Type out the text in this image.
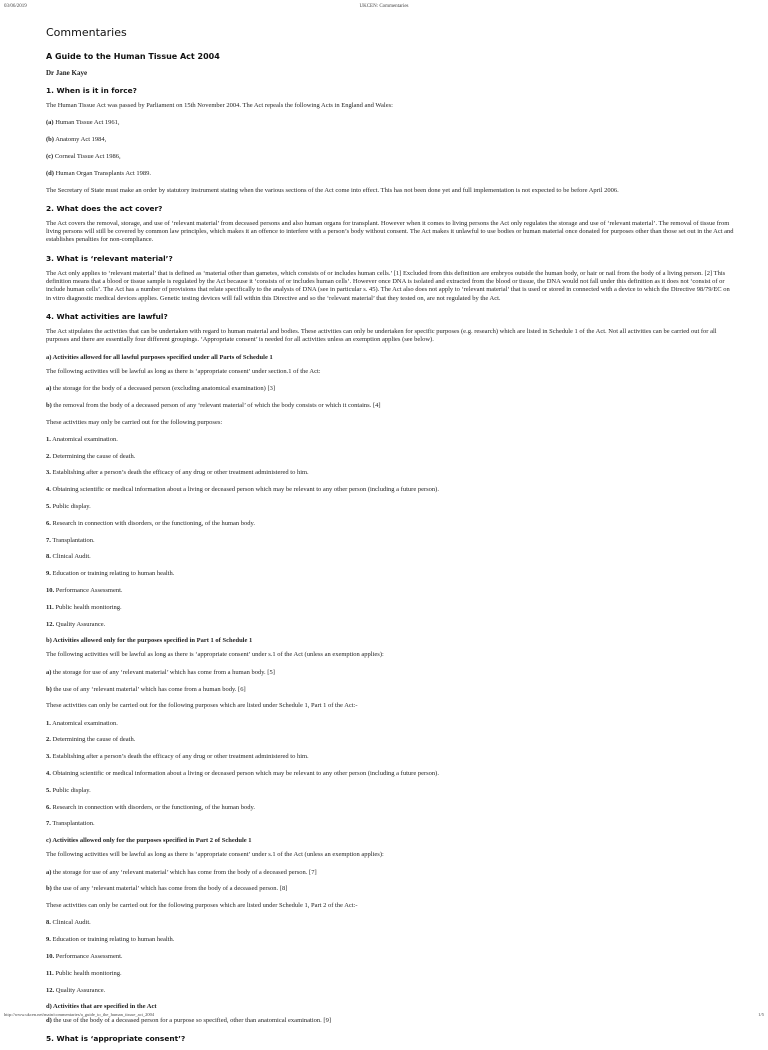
03/06/2019	UKCEN: Commentaries
Commentaries
A Guide to the Human Tissue Act 2004
Dr Jane Kaye
1. When is it in force?
The Human Tissue Act was passed by Parliament on 15th November 2004. The Act repeals the following Acts in England and Wales:
(a) Human Tissue Act 1961,
(b) Anatomy Act 1984,
(c) Corneal Tissue Act 1986,
(d) Human Organ Transplants Act 1989.
The Secretary of State must make an order by statutory instrument stating when the various sections of the Act come into effect. This has not been done yet and full implementation is not expected to be before April 2006.
2. What does the act cover?
The Act covers the removal, storage, and use of ‘relevant material’ from deceased persons and also human organs for transplant. However when it comes to living persons the Act only regulates the storage and use of ‘relevant material’. The removal of tissue from living persons will still be covered by common law principles, which makes it an offence to interfere with a person’s body without consent. The Act makes it unlawful to use bodies or human material once donated for purposes other than those set out in the Act and establishes penalties for non-compliance.
3. What is ‘relevant material’?
The Act only applies to ‘relevant material’ that is defined as ‘material other than gametes, which consists of or includes human cells.’ [1] Excluded from this definition are embryos outside the human body, or hair or nail from the body of a living person. [2] This definition means that a blood or tissue sample is regulated by the Act because it ‘consists of or includes human cells’. However once DNA is isolated and extracted from the blood or tissue, the DNA would not fall under this definition as it does not ‘consist of or include human cells’. The Act has a number of provisions that relate specifically to the analysis of DNA (see in particular s. 45). The Act also does not apply to ‘relevant material’ that is used or stored in connected with a device to which the Directive 98/79/EC on in vitro diagnostic medical devices applies. Genetic testing devices will fall within this Directive and so the ‘relevant material’ that they tested on, are not regulated by the Act.
4. What activities are lawful?
The Act stipulates the activities that can be undertaken with regard to human material and bodies. These activities can only be undertaken for specific purposes (e.g. research) which are listed in Schedule 1 of the Act. Not all activities can be carried out for all purposes and there are essentially four different groupings. ‘Appropriate consent’ is needed for all activities unless an exemption applies (see below).
a) Activities allowed for all lawful purposes specified under all Parts of Schedule 1
The following activities will be lawful as long as there is ‘appropriate consent’ under section.1 of the Act:
a) the storage for the body of a deceased person (excluding anatomical examination) [3]
b) the removal from the body of a deceased person of any ‘relevant material’ of which the body consists or which it contains. [4]
These activities may only be carried out for the following purposes:
1. Anatomical examination.
2. Determining the cause of death.
3. Establishing after a person’s death the efficacy of any drug or other treatment administered to him.
4. Obtaining scientific or medical information about a living or deceased person which may be relevant to any other person (including a future person).
5. Public display.
6. Research in connection with disorders, or the functioning, of the human body.
7. Transplantation.
8. Clinical Audit.
9. Education or training relating to human health.
10. Performance Assessment.
11. Public health monitoring.
12. Quality Assurance.
b) Activities allowed only for the purposes specified in Part 1 of Schedule 1
The following activities will be lawful as long as there is ‘appropriate consent’ under s.1 of the Act (unless an exemption applies):
a) the storage for use of any ‘relevant material’ which has come from a human body. [5]
b) the use of any ‘relevant material’ which has come from a human body. [6]
These activities can only be carried out for the following purposes which are listed under Schedule 1, Part 1 of the Act:-
1. Anatomical examination.
2. Determining the cause of death.
3. Establishing after a person’s death the efficacy of any drug or other treatment administered to him.
4. Obtaining scientific or medical information about a living or deceased person which may be relevant to any other person (including a future person).
5. Public display.
6. Research in connection with disorders, or the functioning, of the human body.
7. Transplantation.
c) Activities allowed only for the purposes specified in Part 2 of Schedule 1
The following activities will be lawful as long as there is ‘appropriate consent’ under s.1 of the Act (unless an exemption applies):
a) the storage for use of any ‘relevant material’ which has come from the body of a deceased person. [7]
b) the use of any ‘relevant material’ which has come from the body of a deceased person. [8]
These activities can only be carried out for the following purposes which are listed under Schedule 1, Part 2 of the Act:-
8. Clinical Audit.
9. Education or training relating to human health.
10. Performance Assessment.
11. Public health monitoring.
12. Quality Assurance.
d) Activities that are specified in the Act
d) the use of the body of a deceased person for a purpose so specified, other than anatomical examination. [9]
5. What is ‘appropriate consent’?
http://www.ukcen.net/main/commentaries/a_guide_to_the_human_tissue_act_2004	1/5
